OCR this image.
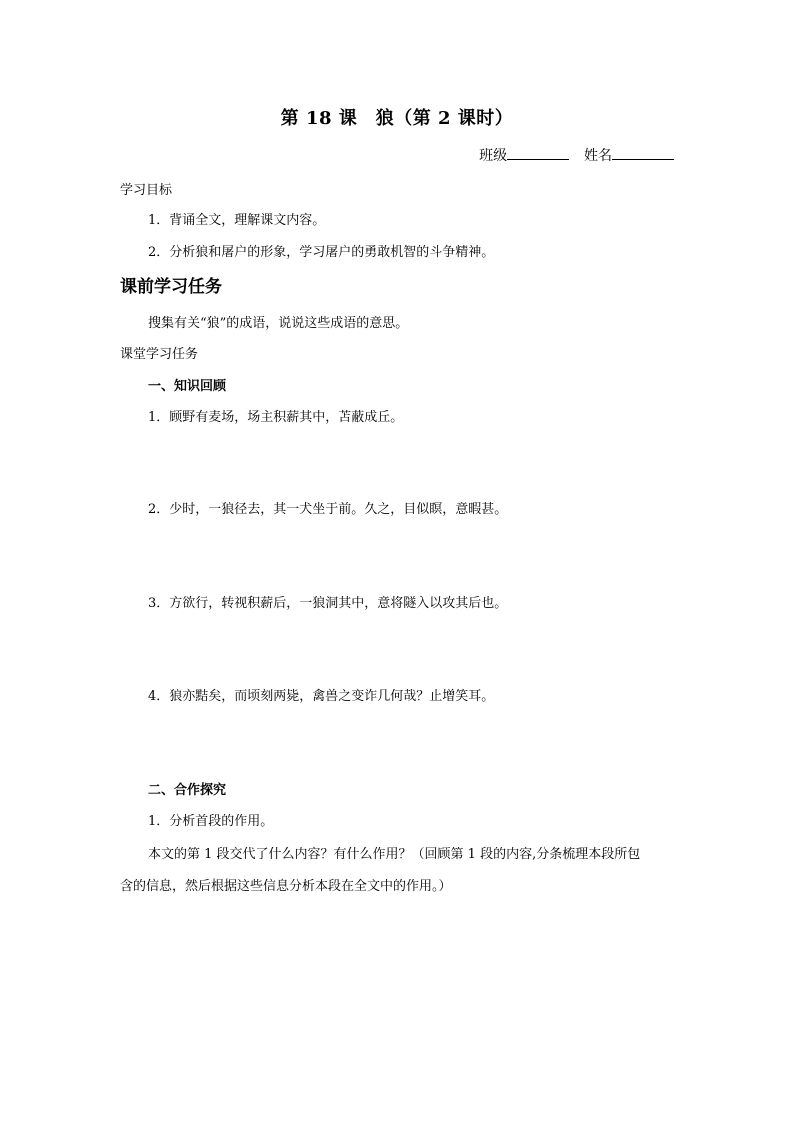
第 18 课　狼（第 2 课时）
班级	姓名
学习目标
1．背诵全文，理解课文内容。
2．分析狼和屠户的形象，学习屠户的勇敢机智的斗争精神。
课前学习任务
搜集有关“狼”的成语，说说这些成语的意思。
课堂学习任务
一、知识回顾
1．顾野有麦场，场主积薪其中，苫蔽成丘。
2．少时，一狼径去，其一犬坐于前。久之，目似瞑，意暇甚。
3．方欲行，转视积薪后，一狼洞其中，意将隧入以攻其后也。
4．狼亦黠矣，而顷刻两毙，禽兽之变诈几何哉？止增笑耳。
二、合作探究
1．分析首段的作用。
本文的第 1 段交代了什么内容？有什么作用？（回顾第 1 段的内容,分条梳理本段所包
含的信息，然后根据这些信息分析本段在全文中的作用。）
